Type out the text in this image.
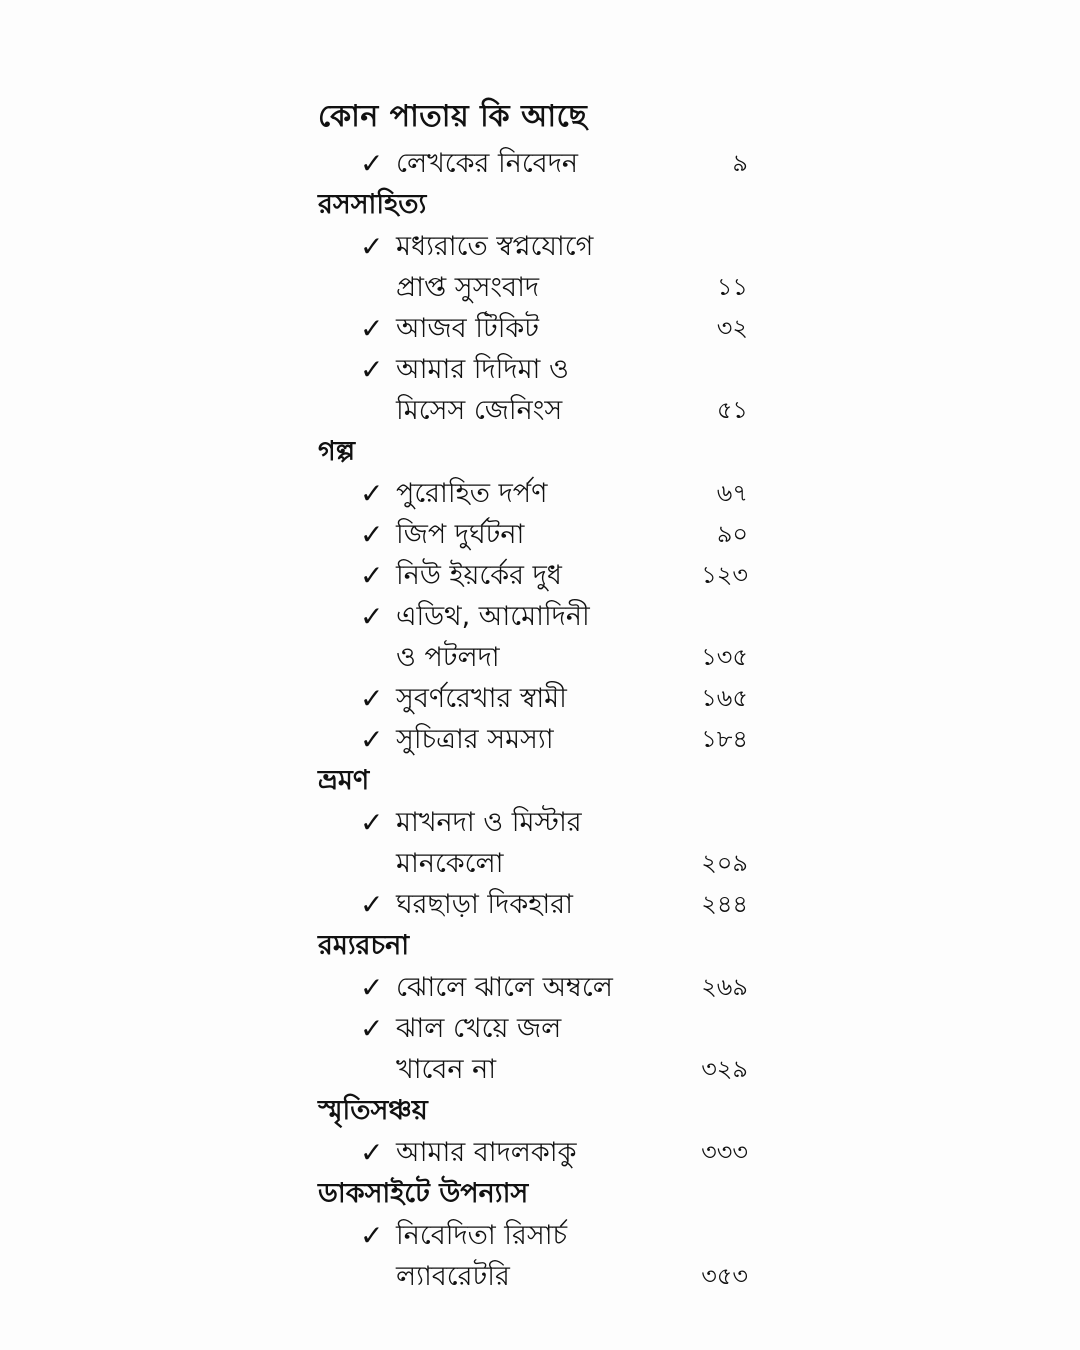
কোন পাতায় কি আছে
✓ লেখকের নিবেদন	৯
রসসাহিত্য
✓ মধ্যরাতে স্বপ্নযোগে
প্রাপ্ত সুসংবাদ	১১
✓ আজব টিকিট	৩২
✓ আমার দিদিমা ও
মিসেস জেনিংস	৫১
গল্প
✓ পুরোহিত দর্পণ	৬৭
✓ জিপ দুর্ঘটনা	৯০
✓ নিউ ইয়র্কের দুধ	১২৩
✓ এডিথ, আমোদিনী
ও পটলদা	১৩৫
✓ সুবর্ণরেখার স্বামী	১৬৫
✓ সুচিত্রার সমস্যা	১৮৪
ভ্রমণ
✓ মাখনদা ও মিস্টার
মানকেলো	২০৯
✓ ঘরছাড়া দিকহারা	২৪৪
রম্যরচনা
✓ ঝোলে ঝালে অম্বলে	২৬৯
✓ ঝাল খেয়ে জল
খাবেন না	৩২৯
স্মৃতিসঞ্চয়
✓ আমার বাদলকাকু	৩৩৩
ডাকসাইটে উপন্যাস
✓ নিবেদিতা রিসার্চ
ল্যাবরেটরি	৩৫৩
